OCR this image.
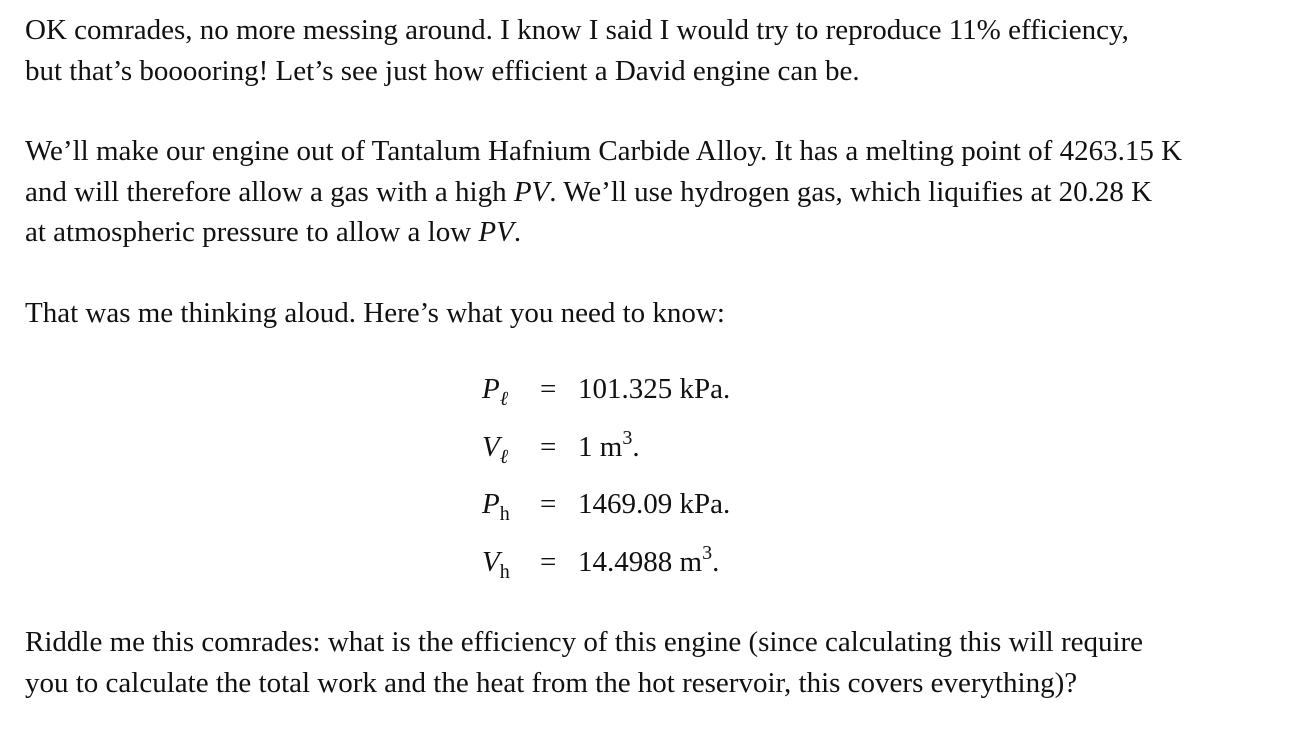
OK comrades, no more messing around. I know I said I would try to reproduce 11% efficiency,
but that’s booooring! Let’s see just how efficient a David engine can be.

We’ll make our engine out of Tantalum Hafnium Carbide Alloy. It has a melting point of 4263.15 K
and will therefore allow a gas with a high PV. We’ll use hydrogen gas, which liquifies at 20.28 K
at atmospheric pressure to allow a low PV.

That was me thinking aloud. Here’s what you need to know:

$P_\ell = 101.325$ kPa.
$V_\ell = 1$ $m^3$.
$P_h = 1469.09$ kPa.
$V_h = 14.4988$ $m^3$.

Riddle me this comrades: what is the efficiency of this engine (since calculating this will require
you to calculate the total work and the heat from the hot reservoir, this covers everything)?
